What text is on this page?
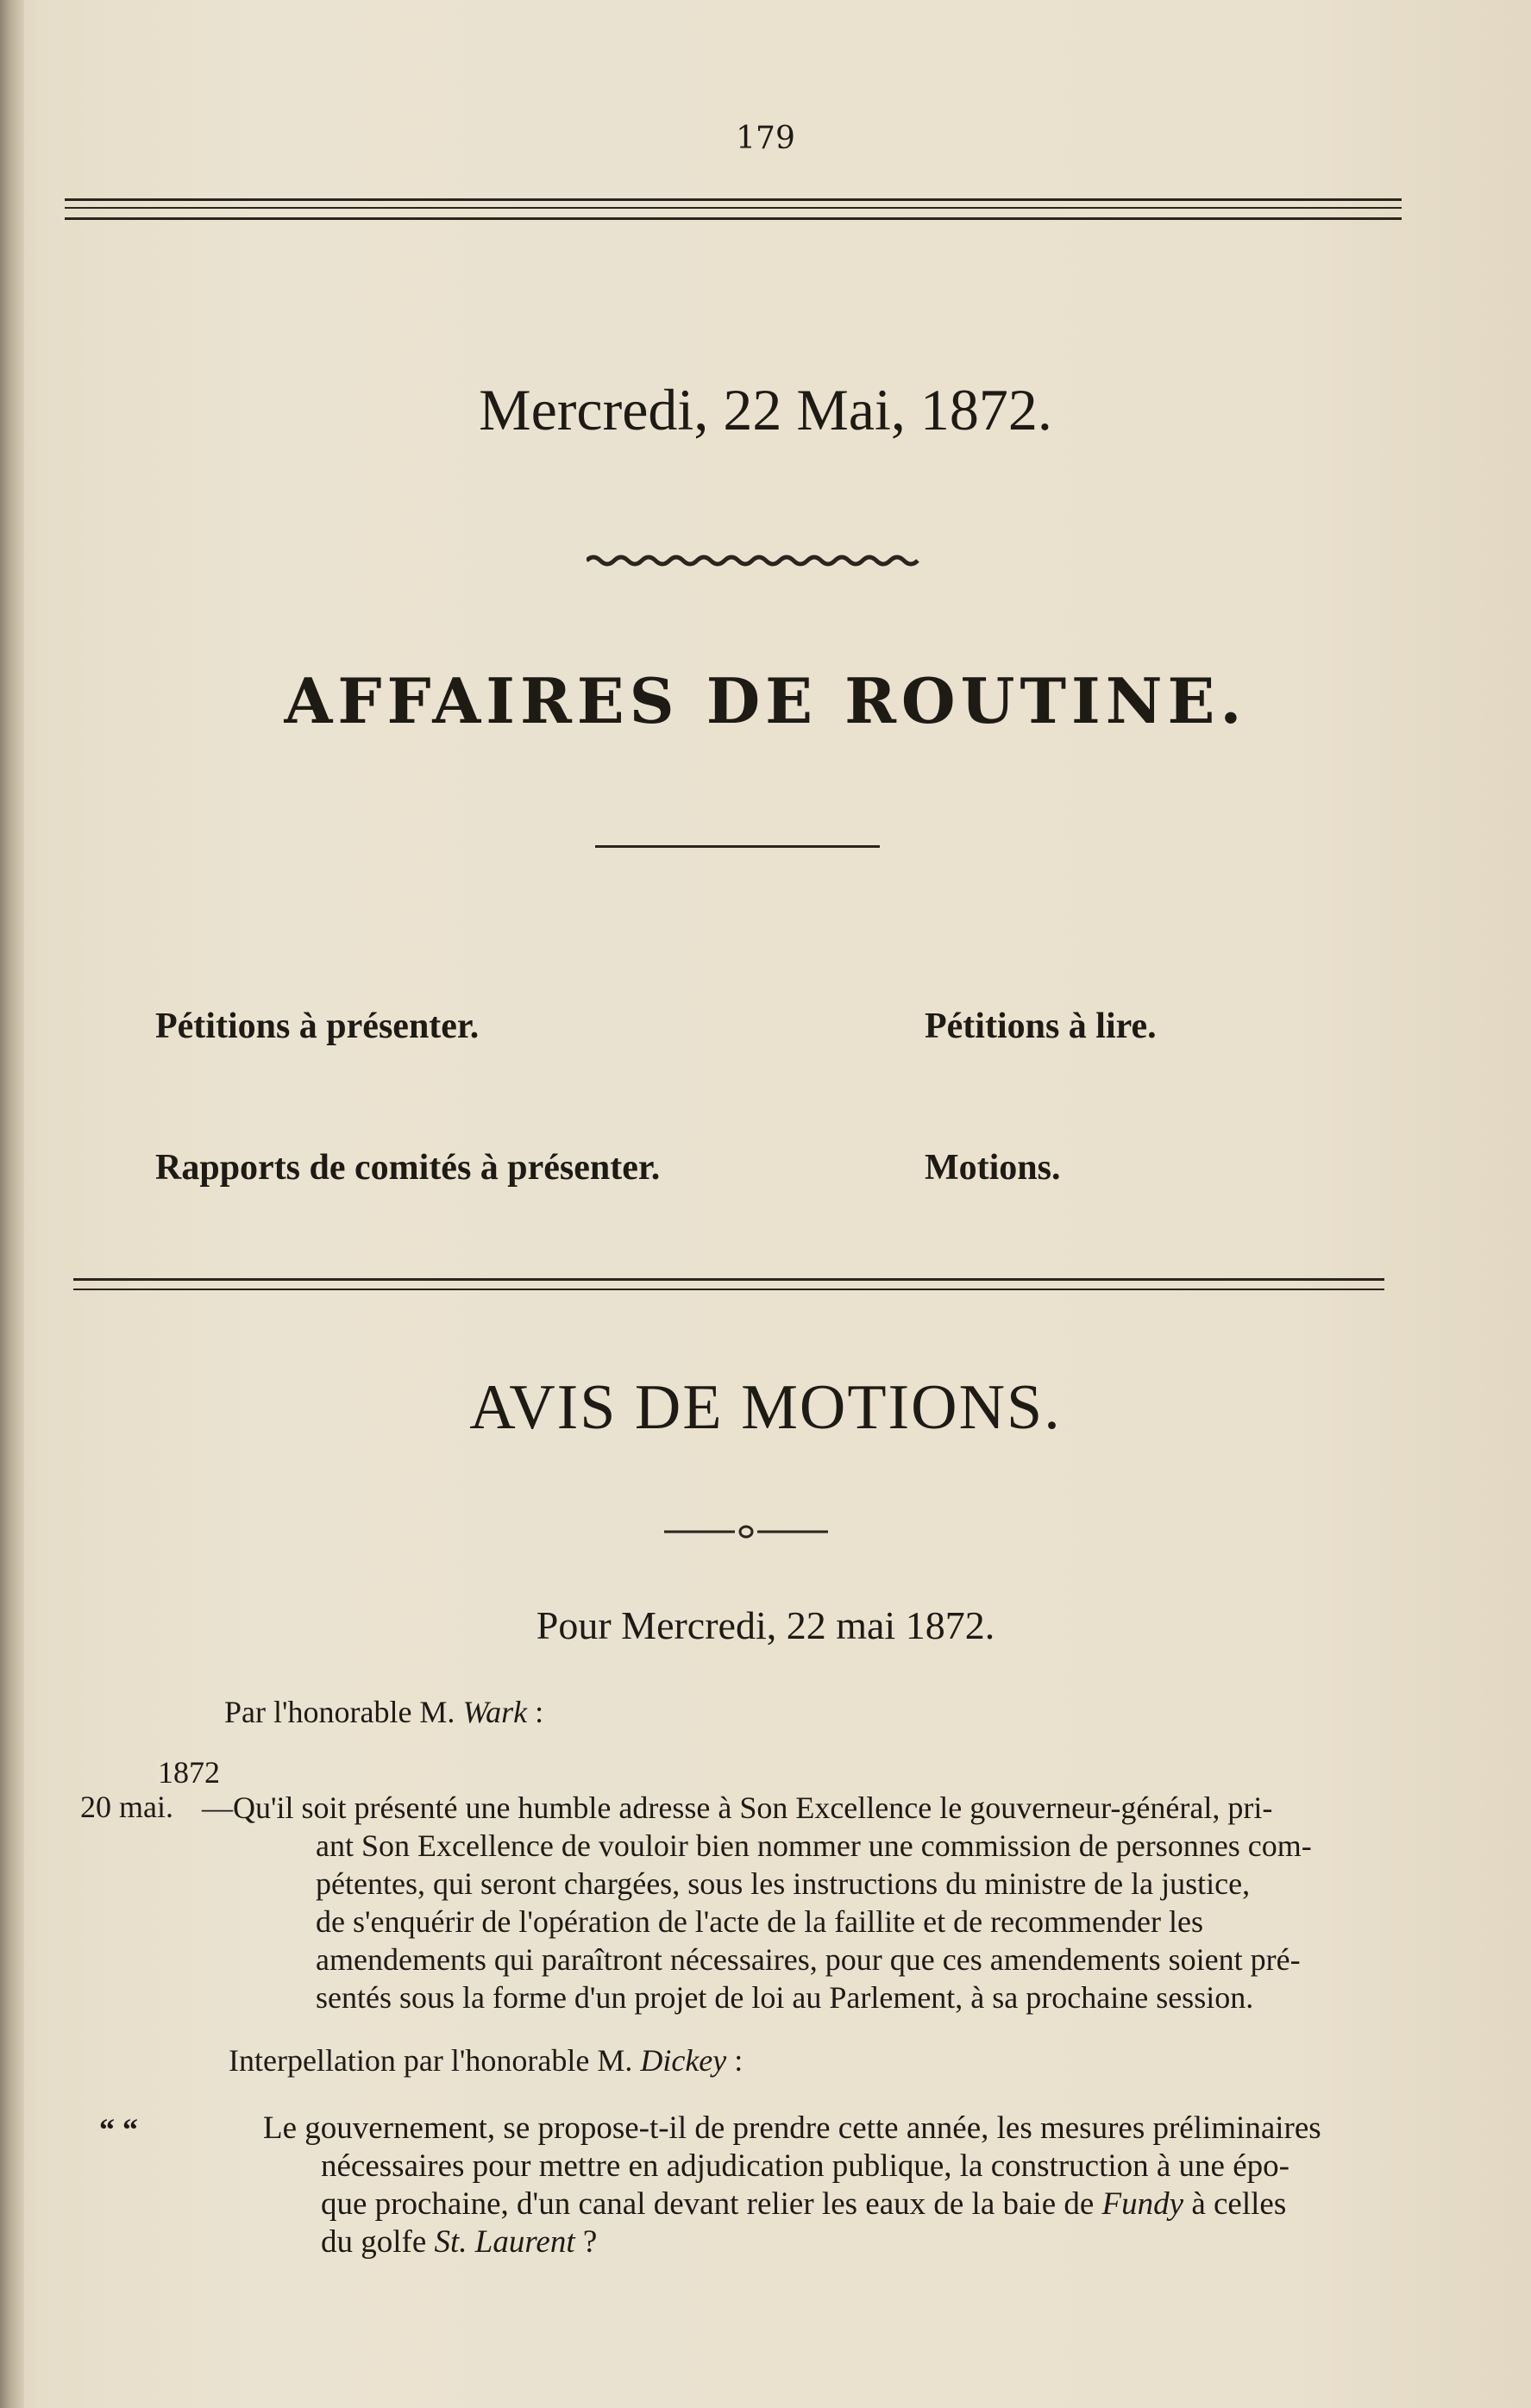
179
Mercredi, 22 Mai, 1872.
AFFAIRES DE ROUTINE.
Pétitions à présenter.	Pétitions à lire.
Rapports de comités à présenter.	Motions.
AVIS DE MOTIONS.
Pour Mercredi, 22 mai 1872.
Par l'honorable M. Wark :
1872
20 mai. —Qu'il soit présenté une humble adresse à Son Excellence le gouverneur-général, pri-
ant Son Excellence de vouloir bien nommer une commission de personnes com-
pétentes, qui seront chargées, sous les instructions du ministre de la justice,
de s'enquérir de l'opération de l'acte de la faillite et de recommender les
amendements qui paraîtront nécessaires, pour que ces amendements soient pré-
sentés sous la forme d'un projet de loi au Parlement, à sa prochaine session.
Interpellation par l'honorable M. Dickey :
“ “	Le gouvernement, se propose-t-il de prendre cette année, les mesures préliminaires
nécessaires pour mettre en adjudication publique, la construction à une épo-
que prochaine, d'un canal devant relier les eaux de la baie de Fundy à celles
du golfe St. Laurent ?
